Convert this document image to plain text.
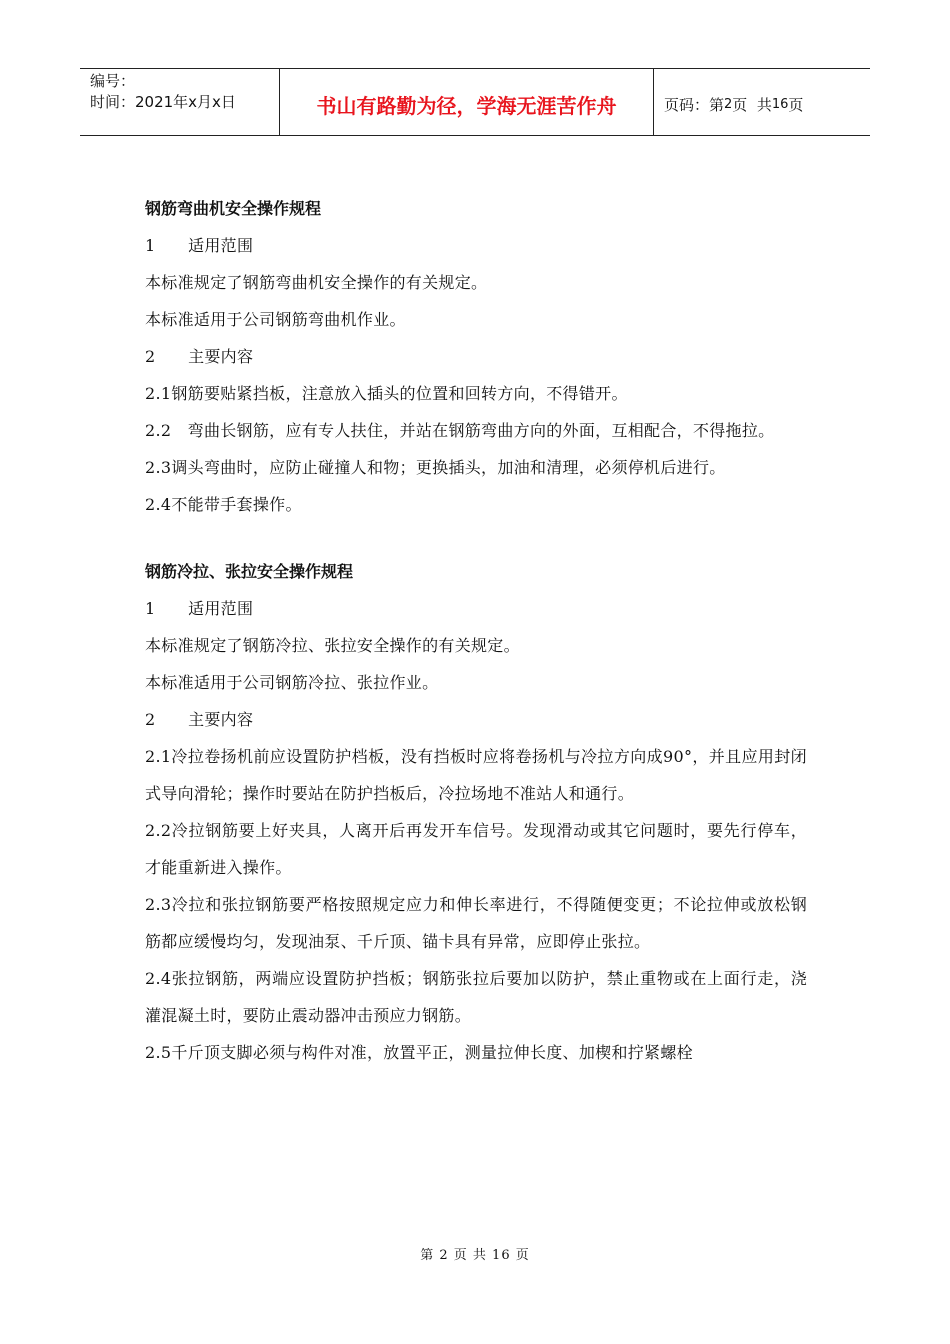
编号：
时间：2021年x月x日	书山有路勤为径，学海无涯苦作舟	页码：第 2 页  共 16 页

钢筋弯曲机安全操作规程

1　　适用范围

本标准规定了钢筋弯曲机安全操作的有关规定。

本标准适用于公司钢筋弯曲机作业。

2　　主要内容

2.1钢筋要贴紧挡板，注意放入插头的位置和回转方向，不得错开。

2.2　弯曲长钢筋，应有专人扶住，并站在钢筋弯曲方向的外面，互相配合，不得拖拉。

2.3调头弯曲时，应防止碰撞人和物；更换插头，加油和清理，必须停机后进行。

2.4不能带手套操作。

钢筋冷拉、张拉安全操作规程

1　　适用范围

本标准规定了钢筋冷拉、张拉安全操作的有关规定。

本标准适用于公司钢筋冷拉、张拉作业。

2　　主要内容

2.1冷拉卷扬机前应设置防护档板，没有挡板时应将卷扬机与冷拉方向成90°，并且应用封闭式导向滑轮；操作时要站在防护挡板后，冷拉场地不准站人和通行。

2.2冷拉钢筋要上好夹具，人离开后再发开车信号。发现滑动或其它问题时，要先行停车，才能重新进入操作。

2.3冷拉和张拉钢筋要严格按照规定应力和伸长率进行，不得随便变更；不论拉伸或放松钢筋都应缓慢均匀，发现油泵、千斤顶、锚卡具有异常，应即停止张拉。

2.4张拉钢筋，两端应设置防护挡板；钢筋张拉后要加以防护，禁止重物或在上面行走，浇灌混凝土时，要防止震动器冲击预应力钢筋。

2.5千斤顶支脚必须与构件对准，放置平正，测量拉伸长度、加楔和拧紧螺栓

第 2 页 共 16 页
